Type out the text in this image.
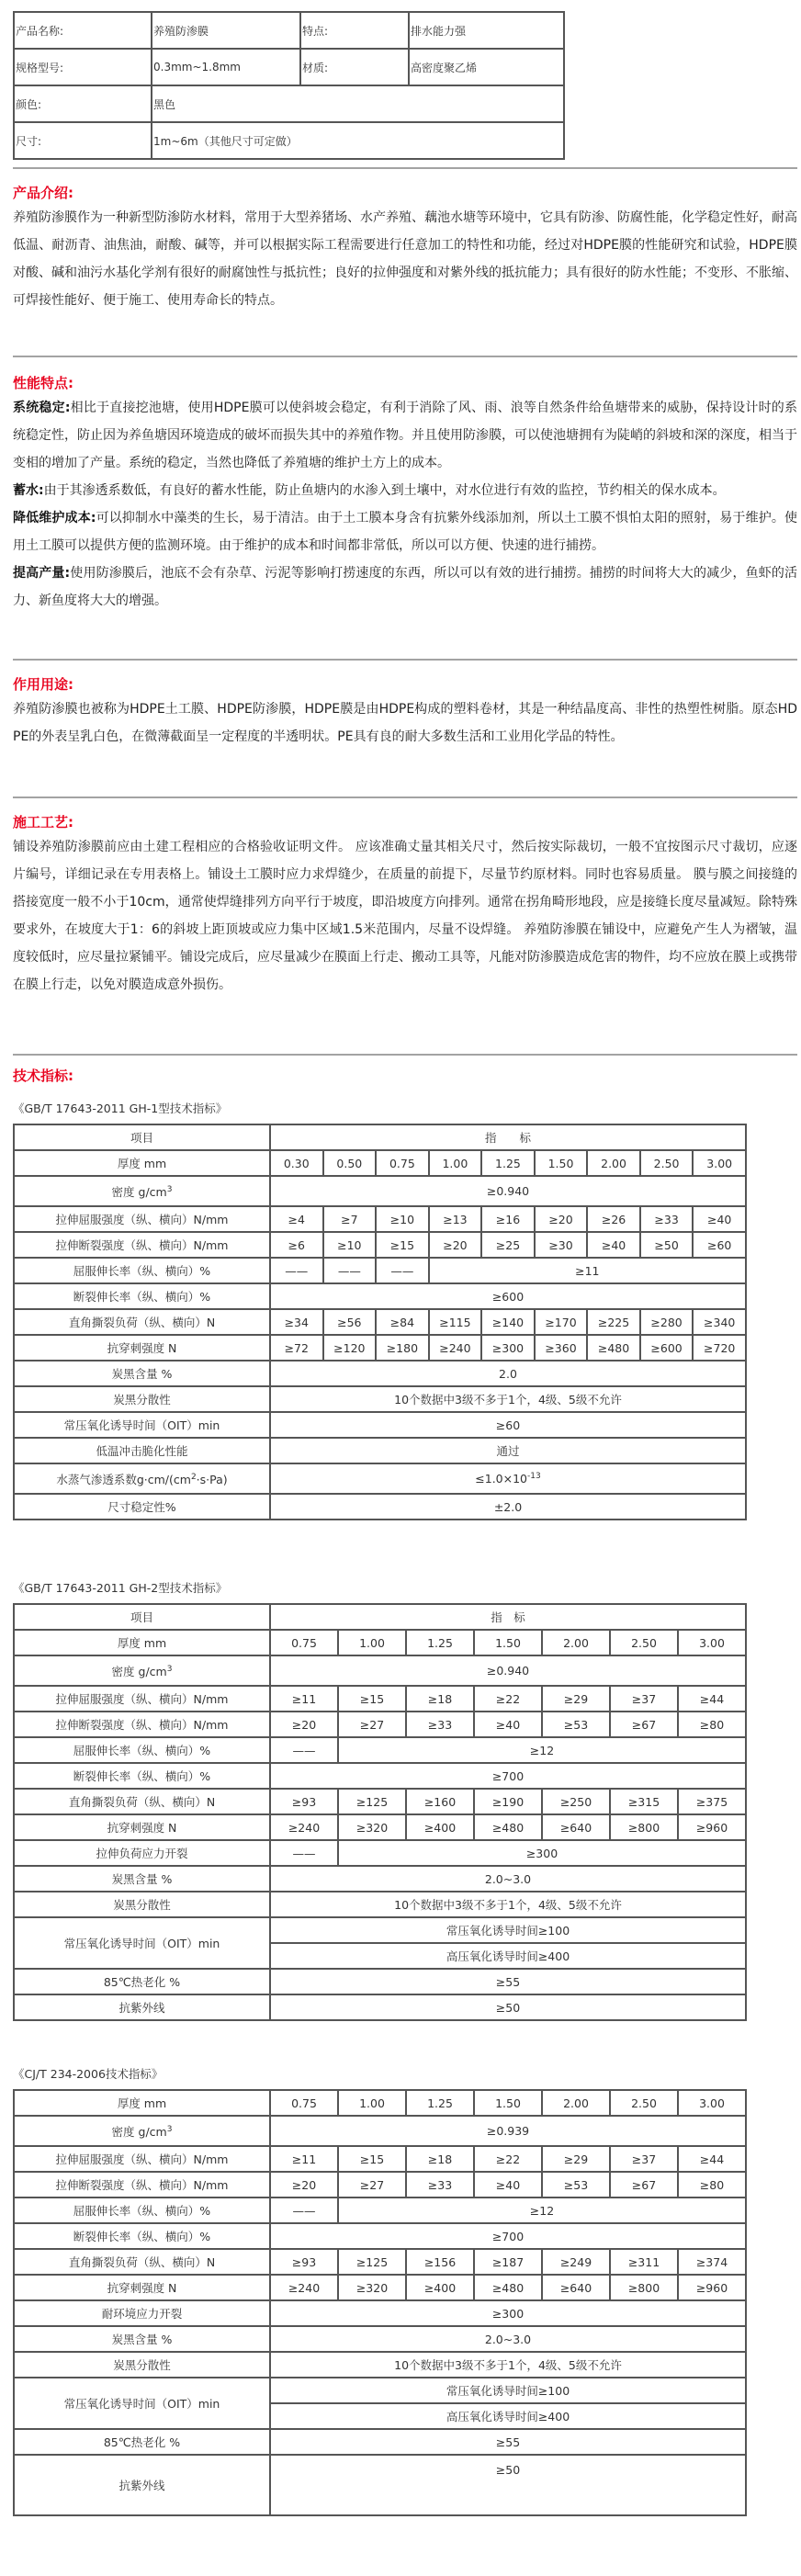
产品名称:	养殖防渗膜	特点:	排水能力强
规格型号:	0.3mm~1.8mm	材质:	高密度聚乙烯
颜色:	黑色		
尺寸:	1m~6m（其他尺寸可定做）		
产品介绍:

养殖防渗膜作为一种新型防渗防水材料，常用于大型养猪场、水产养殖、藕池水塘等环境中，它具有防渗、防腐性能，化学稳定性好，耐高低温、耐沥青、油焦油，耐酸、碱等，并可以根据实际工程需要进行任意加工的特性和功能，经过对HDPE膜的性能研究和试验，HDPE膜对酸、碱和油污水基化学剂有很好的耐腐蚀性与抵抗性；良好的拉伸强度和对紫外线的抵抗能力；具有很好的防水性能；不变形、不胀缩、可焊接性能好、便于施工、使用寿命长的特点。

性能特点:

系统稳定:相比于直接挖池塘，使用HDPE膜可以使斜坡会稳定，有利于消除了风、雨、浪等自然条件给鱼塘带来的威胁，保持设计时的系统稳定性，防止因为养鱼塘因环境造成的破坏而损失其中的养殖作物。并且使用防渗膜，可以使池塘拥有为陡峭的斜坡和深的深度，相当于变相的增加了产量。系统的稳定，当然也降低了养殖塘的维护土方上的成本。

蓄水:由于其渗透系数低，有良好的蓄水性能，防止鱼塘内的水渗入到土壤中，对水位进行有效的监控，节约相关的保水成本。

降低维护成本:可以抑制水中藻类的生长，易于清洁。由于土工膜本身含有抗紫外线添加剂，所以土工膜不惧怕太阳的照射，易于维护。使用土工膜可以提供方便的监测环境。由于维护的成本和时间都非常低，所以可以方便、快速的进行捕捞。

提高产量:使用防渗膜后，池底不会有杂草、污泥等影响打捞速度的东西，所以可以有效的进行捕捞。捕捞的时间将大大的减少，鱼虾的活力、新鱼度将大大的增强。

作用用途:

养殖防渗膜也被称为HDPE土工膜、HDPE防渗膜，HDPE膜是由HDPE构成的塑料卷材，其是一种结晶度高、非性的热塑性树脂。原态HDPE的外表呈乳白色，在微薄截面呈一定程度的半透明状。PE具有良的耐大多数生活和工业用化学品的特性。

施工工艺:

铺设养殖防渗膜前应由土建工程相应的合格验收证明文件。 应该准确丈量其相关尺寸，然后按实际裁切，一般不宜按图示尺寸裁切，应逐片编号，详细记录在专用表格上。铺设土工膜时应力求焊缝少，在质量的前提下，尽量节约原材料。同时也容易质量。 膜与膜之间接缝的搭接宽度一般不小于10cm，通常使焊缝排列方向平行于坡度，即沿坡度方向排列。通常在拐角畸形地段，应是接缝长度尽量减短。除特殊要求外，在坡度大于1：6的斜坡上距顶坡或应力集中区域1.5米范围内，尽量不设焊缝。 养殖防渗膜在铺设中，应避免产生人为褶皱，温度较低时，应尽量拉紧铺平。铺设完成后，应尽量减少在膜面上行走、搬动工具等，凡能对防渗膜造成危害的物件，均不应放在膜上或携带在膜上行走，以免对膜造成意外损伤。

技术指标:

《GB/T 17643-2011 GH-1型技术指标》

项目	指　　标								
厚度 mm	0.30	0.50	0.75	1.00	1.25	1.50	2.00	2.50	3.00
密度 $g/cm^3$	≥0.940								
拉伸屈服强度（纵、横向）N/mm	≥4	≥7	≥10	≥13	≥16	≥20	≥26	≥33	≥40
拉伸断裂强度（纵、横向）N/mm	≥6	≥10	≥15	≥20	≥25	≥30	≥40	≥50	≥60
屈服伸长率（纵、横向）%	——	——	——	≥11					
断裂伸长率（纵、横向）%	≥600								
直角撕裂负荷（纵、横向）N	≥34	≥56	≥84	≥115	≥140	≥170	≥225	≥280	≥340
抗穿刺强度 N	≥72	≥120	≥180	≥240	≥300	≥360	≥480	≥600	≥720
炭黑含量 %	2.0								
炭黑分散性	10个数据中3级不多于1个，4级、5级不允许								
常压氧化诱导时间（OIT）min	≥60								
低温冲击脆化性能	通过								
水蒸气渗透系数$g\cdot cm/(cm^2\cdot s\cdot Pa)$	$\le 1.0\times 10^{-13}$
尺寸稳定性%	±2.0								

《GB/T 17643-2011 GH-2型技术指标》

项目	指　标						
厚度 mm	0.75	1.00	1.25	1.50	2.00	2.50	3.00
密度 $g/cm^3$	≥0.940						
拉伸屈服强度（纵、横向）N/mm	≥11	≥15	≥18	≥22	≥29	≥37	≥44
拉伸断裂强度（纵、横向）N/mm	≥20	≥27	≥33	≥40	≥53	≥67	≥80
屈服伸长率（纵、横向）%	——	≥12					
断裂伸长率（纵、横向）%	≥700						
直角撕裂负荷（纵、横向）N	≥93	≥125	≥160	≥190	≥250	≥315	≥375
抗穿刺强度 N	≥240	≥320	≥400	≥480	≥640	≥800	≥960
拉伸负荷应力开裂	——	≥300					
炭黑含量 %	2.0~3.0						
炭黑分散性	10个数据中3级不多于1个，4级、5级不允许						
常压氧化诱导时间（OIT）min	常压氧化诱导时间≥100						
	高压氧化诱导时间≥400						
85℃热老化 %	≥55						
抗紫外线	≥50						

《CJ/T 234-2006技术指标》

厚度 mm	0.75	1.00	1.25	1.50	2.00	2.50	3.00
密度 $g/cm^3$	≥0.939						
拉伸屈服强度（纵、横向）N/mm	≥11	≥15	≥18	≥22	≥29	≥37	≥44
拉伸断裂强度（纵、横向）N/mm	≥20	≥27	≥33	≥40	≥53	≥67	≥80
屈服伸长率（纵、横向）%	——	≥12					
断裂伸长率（纵、横向）%	≥700						
直角撕裂负荷（纵、横向）N	≥93	≥125	≥156	≥187	≥249	≥311	≥374
抗穿刺强度 N	≥240	≥320	≥400	≥480	≥640	≥800	≥960
耐环境应力开裂	≥300						
炭黑含量 %	2.0~3.0						
炭黑分散性	10个数据中3级不多于1个，4级、5级不允许						
常压氧化诱导时间（OIT）min	常压氧化诱导时间≥100						
	高压氧化诱导时间≥400						
85℃热老化 %	≥55						
抗紫外线	≥50						
